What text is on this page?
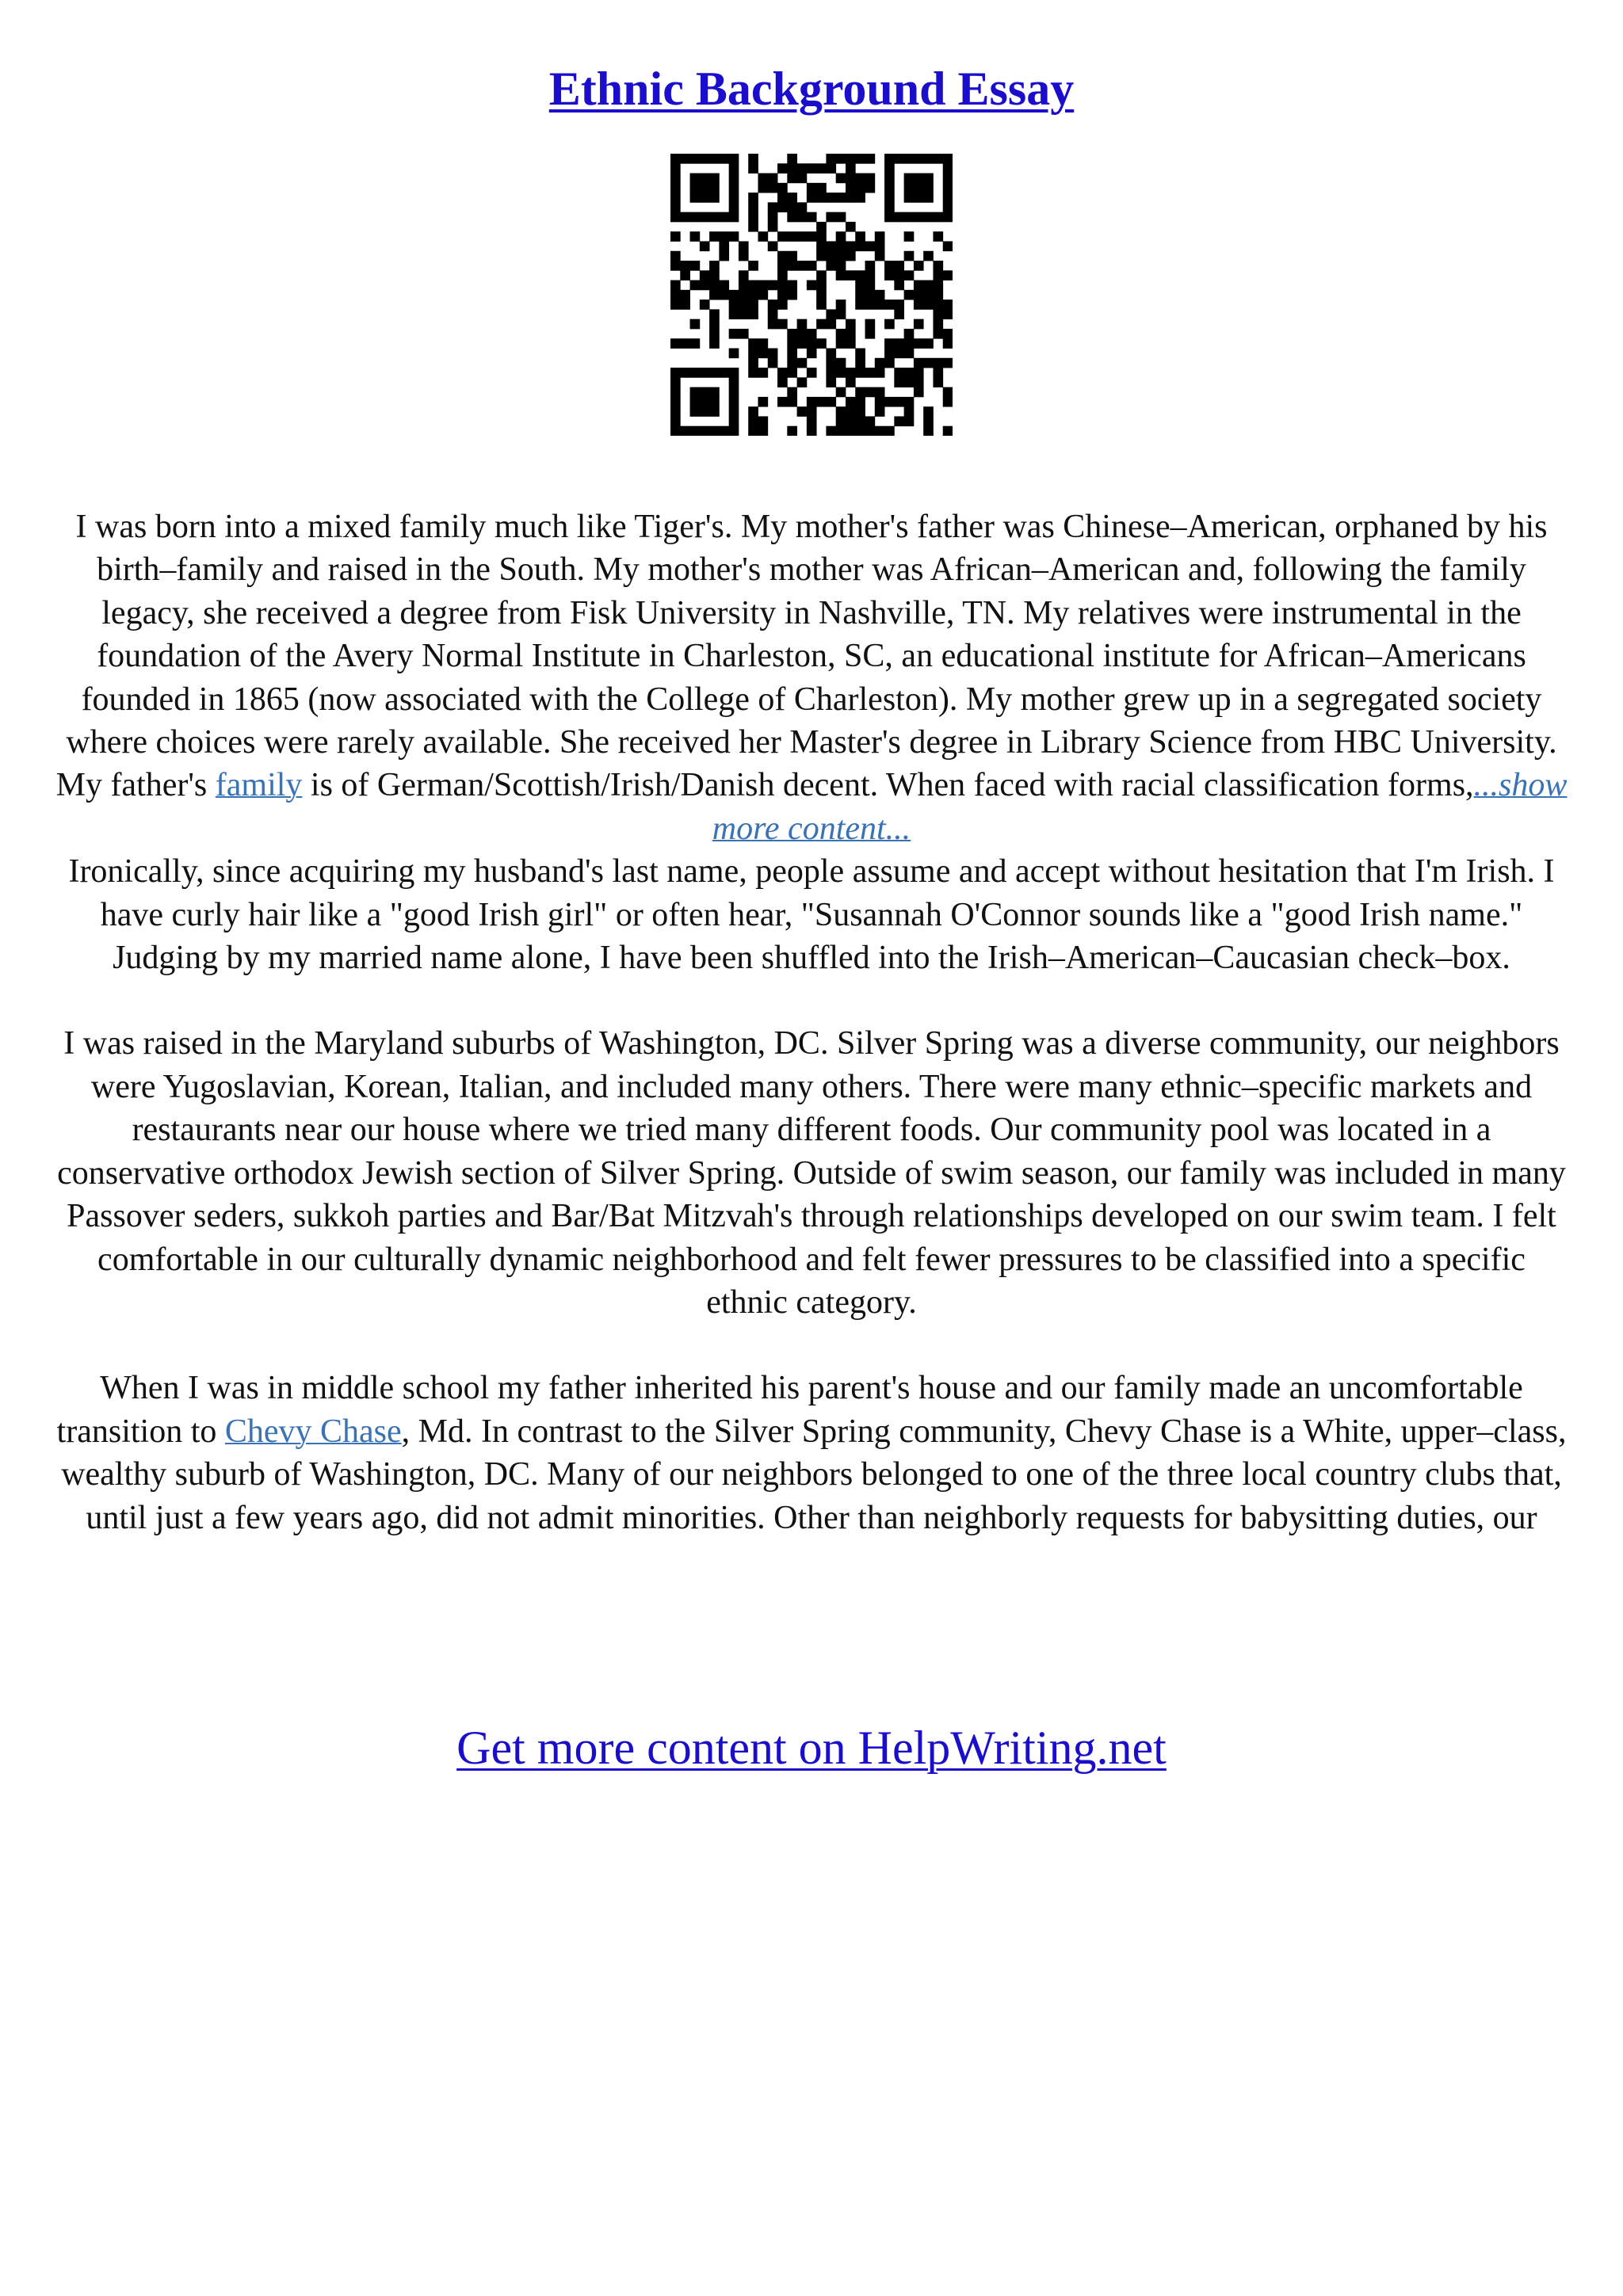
Ethnic Background Essay

I was born into a mixed family much like Tiger's. My mother's father was Chinese–American, orphaned by his birth–family and raised in the South. My mother's mother was African–American and, following the family legacy, she received a degree from Fisk University in Nashville, TN. My relatives were instrumental in the foundation of the Avery Normal Institute in Charleston, SC, an educational institute for African–Americans founded in 1865 (now associated with the College of Charleston). My mother grew up in a segregated society where choices were rarely available. She received her Master's degree in Library Science from HBC University. My father's family is of German/Scottish/Irish/Danish decent. When faced with racial classification forms,...show more content...

Ironically, since acquiring my husband's last name, people assume and accept without hesitation that I'm Irish. I have curly hair like a "good Irish girl" or often hear, "Susannah O'Connor sounds like a "good Irish name." Judging by my married name alone, I have been shuffled into the Irish–American–Caucasian check–box.

I was raised in the Maryland suburbs of Washington, DC. Silver Spring was a diverse community, our neighbors were Yugoslavian, Korean, Italian, and included many others. There were many ethnic–specific markets and restaurants near our house where we tried many different foods. Our community pool was located in a conservative orthodox Jewish section of Silver Spring. Outside of swim season, our family was included in many Passover seders, sukkoh parties and Bar/Bat Mitzvah's through relationships developed on our swim team. I felt comfortable in our culturally dynamic neighborhood and felt fewer pressures to be classified into a specific ethnic category.

When I was in middle school my father inherited his parent's house and our family made an uncomfortable transition to Chevy Chase, Md. In contrast to the Silver Spring community, Chevy Chase is a White, upper–class, wealthy suburb of Washington, DC. Many of our neighbors belonged to one of the three local country clubs that, until just a few years ago, did not admit minorities. Other than neighborly requests for babysitting duties, our

Get more content on HelpWriting.net
